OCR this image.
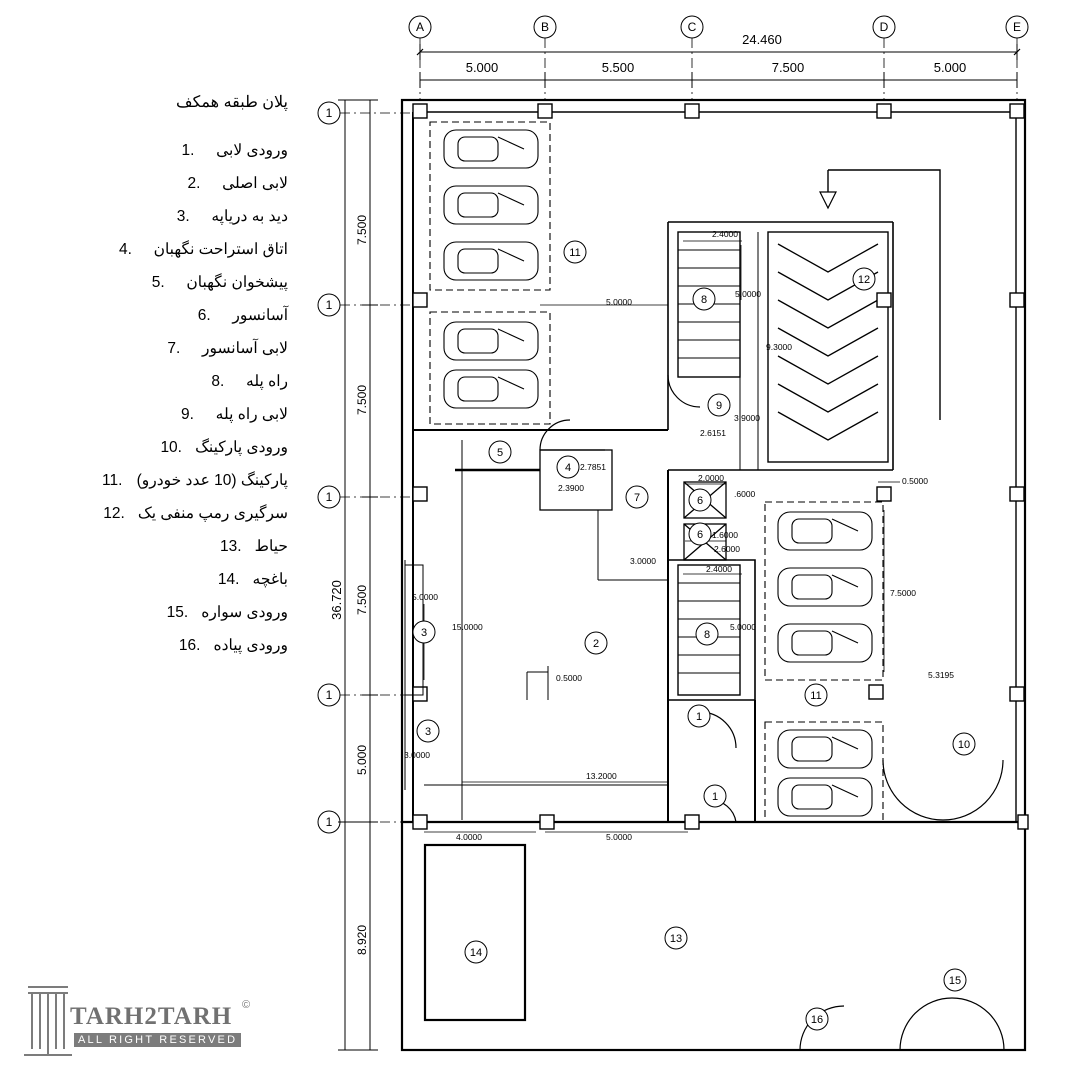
پلان طبقه همکف
ورودی لابی  1.
لابی اصلی  2.
دید به دریاپه  3.
اتاق استراحت نگهبان  4.
پیشخوان نگهبان  5.
آسانسور  6.
لابی آسانسور  7.
راه پله  8.
لابی راه پله  9.
ورودی پارکینگ  10.
پارکینگ (10 عدد خودرو)  11.
سرگیری رمپ منفی یک  12.
حیاط  13.
باغچه  14.
ورودی سواره  15.
ورودی پیاده  16.
TARH2TARH
ALL RIGHT RESERVED
©
A	B	C	D	E
24.460
5.000	5.500	7.500	5.000
1
1
1
1
1
7.500
7.500
7.500
5.000
8.920
36.720
2.4000
5.0000
5.0000
9.3000
3.9000
2.6151
2.0000
2.7851
2.3900
0.5000
.6000
1.6000
2.6000
3.0000
2.4000
5.0000
7.5000
5.0000
15.0000
0.5000	5.3195
3.0000
13.2000
4.0000	5.0000
11
8
12
9
5
4
7	6
6
3
2
8
11
1
3
10
1
14
13
15
16
